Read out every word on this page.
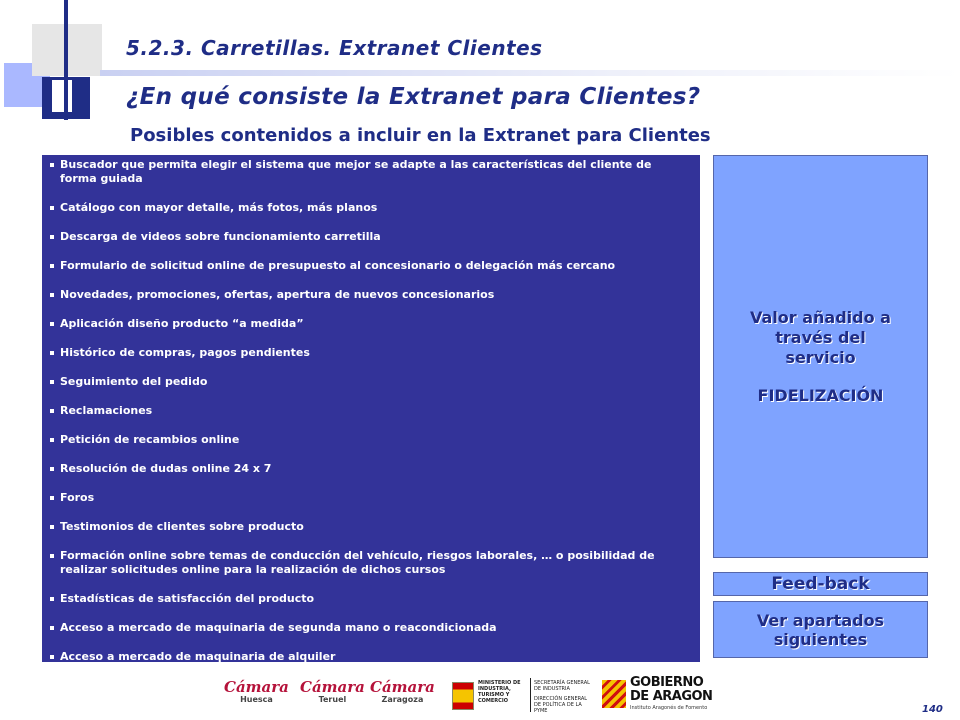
5.2.3. Carretillas. Extranet Clientes
¿En qué consiste la Extranet para Clientes?
Posibles contenidos a incluir en la Extranet para Clientes
Buscador que permita elegir el sistema que mejor se adapte a las características del cliente de forma guiada
Catálogo con mayor detalle, más fotos, más planos
Descarga de videos sobre funcionamiento carretilla
Formulario de solicitud online de presupuesto al concesionario o delegación más cercano
Novedades, promociones, ofertas, apertura de nuevos concesionarios
Aplicación diseño producto “a medida”
Histórico de compras, pagos pendientes
Seguimiento del pedido
Reclamaciones
Petición de recambios online
Resolución de dudas online 24 x 7
Foros
Testimonios de clientes sobre producto
Formación online sobre temas de conducción del vehículo, riesgos laborales, … o posibilidad de realizar solicitudes online para la realización de dichos cursos
Estadísticas de satisfacción del producto
Acceso a mercado de maquinaria de segunda mano o reacondicionada
Acceso a mercado de maquinaria de alquiler
Valor añadido a
través del
servicio
FIDELIZACIÓN
Feed-back
Ver apartados
siguientes
Cámara
Huesca
Cámara
Teruel
Cámara
Zaragoza
MINISTERIO DE INDUSTRIA, TURISMO Y COMERCIO
SECRETARÍA GENERAL DE INDUSTRIA
DIRECCIÓN GENERAL DE POLÍTICA DE LA PYME
GOBIERNO
DE ARAGON
Instituto Aragonés de Fomento	140
